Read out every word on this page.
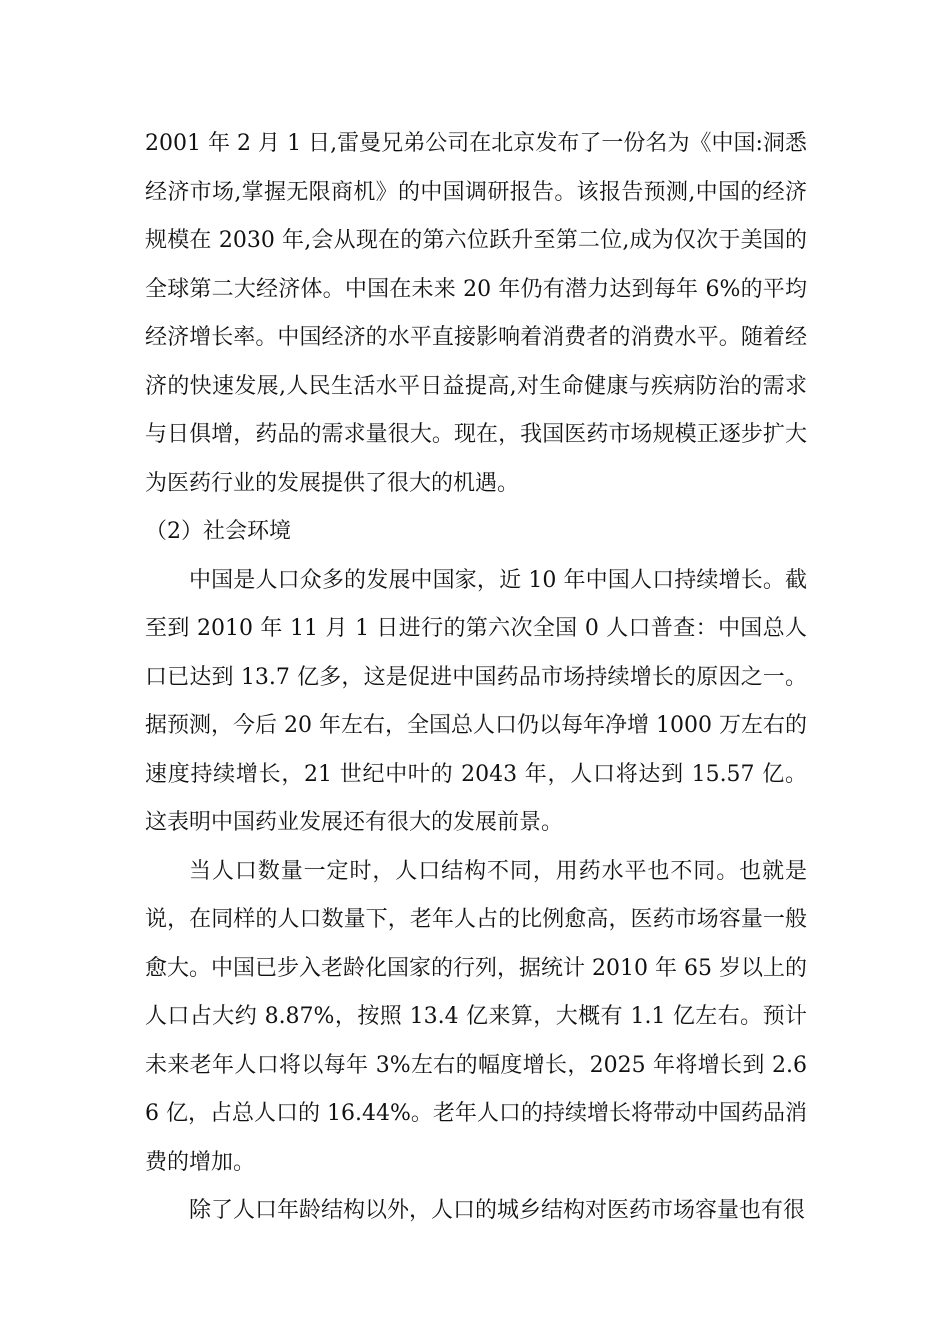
2001 年 2 月 1 日,雷曼兄弟公司在北京发布了一份名为《中国:洞悉经济市场,掌握无限商机》的中国调研报告。该报告预测,中国的经济规模在 2030 年,会从现在的第六位跃升至第二位,成为仅次于美国的全球第二大经济体。中国在未来 20 年仍有潜力达到每年 6%的平均经济增长率。中国经济的水平直接影响着消费者的消费水平。随着经济的快速发展,人民生活水平日益提高,对生命健康与疾病防治的需求与日俱增，药品的需求量很大。现在，我国医药市场规模正逐步扩大为医药行业的发展提供了很大的机遇。

（2）社会环境

中国是人口众多的发展中国家，近 10 年中国人口持续增长。截至到 2010 年 11 月 1 日进行的第六次全国 0 人口普查：中国总人口已达到 13.7 亿多，这是促进中国药品市场持续增长的原因之一。据预测，今后 20 年左右，全国总人口仍以每年净增 1000 万左右的速度持续增长，21 世纪中叶的 2043 年，人口将达到 15.57 亿。这表明中国药业发展还有很大的发展前景。

当人口数量一定时，人口结构不同，用药水平也不同。也就是说，在同样的人口数量下，老年人占的比例愈高，医药市场容量一般愈大。中国已步入老龄化国家的行列，据统计 2010 年 65 岁以上的人口占大约 8.87%，按照 13.4 亿来算，大概有 1.1 亿左右。预计未来老年人口将以每年 3%左右的幅度增长，2025 年将增长到 2.66 亿，占总人口的 16.44%。老年人口的持续增长将带动中国药品消费的增加。

除了人口年龄结构以外，人口的城乡结构对医药市场容量也有很
